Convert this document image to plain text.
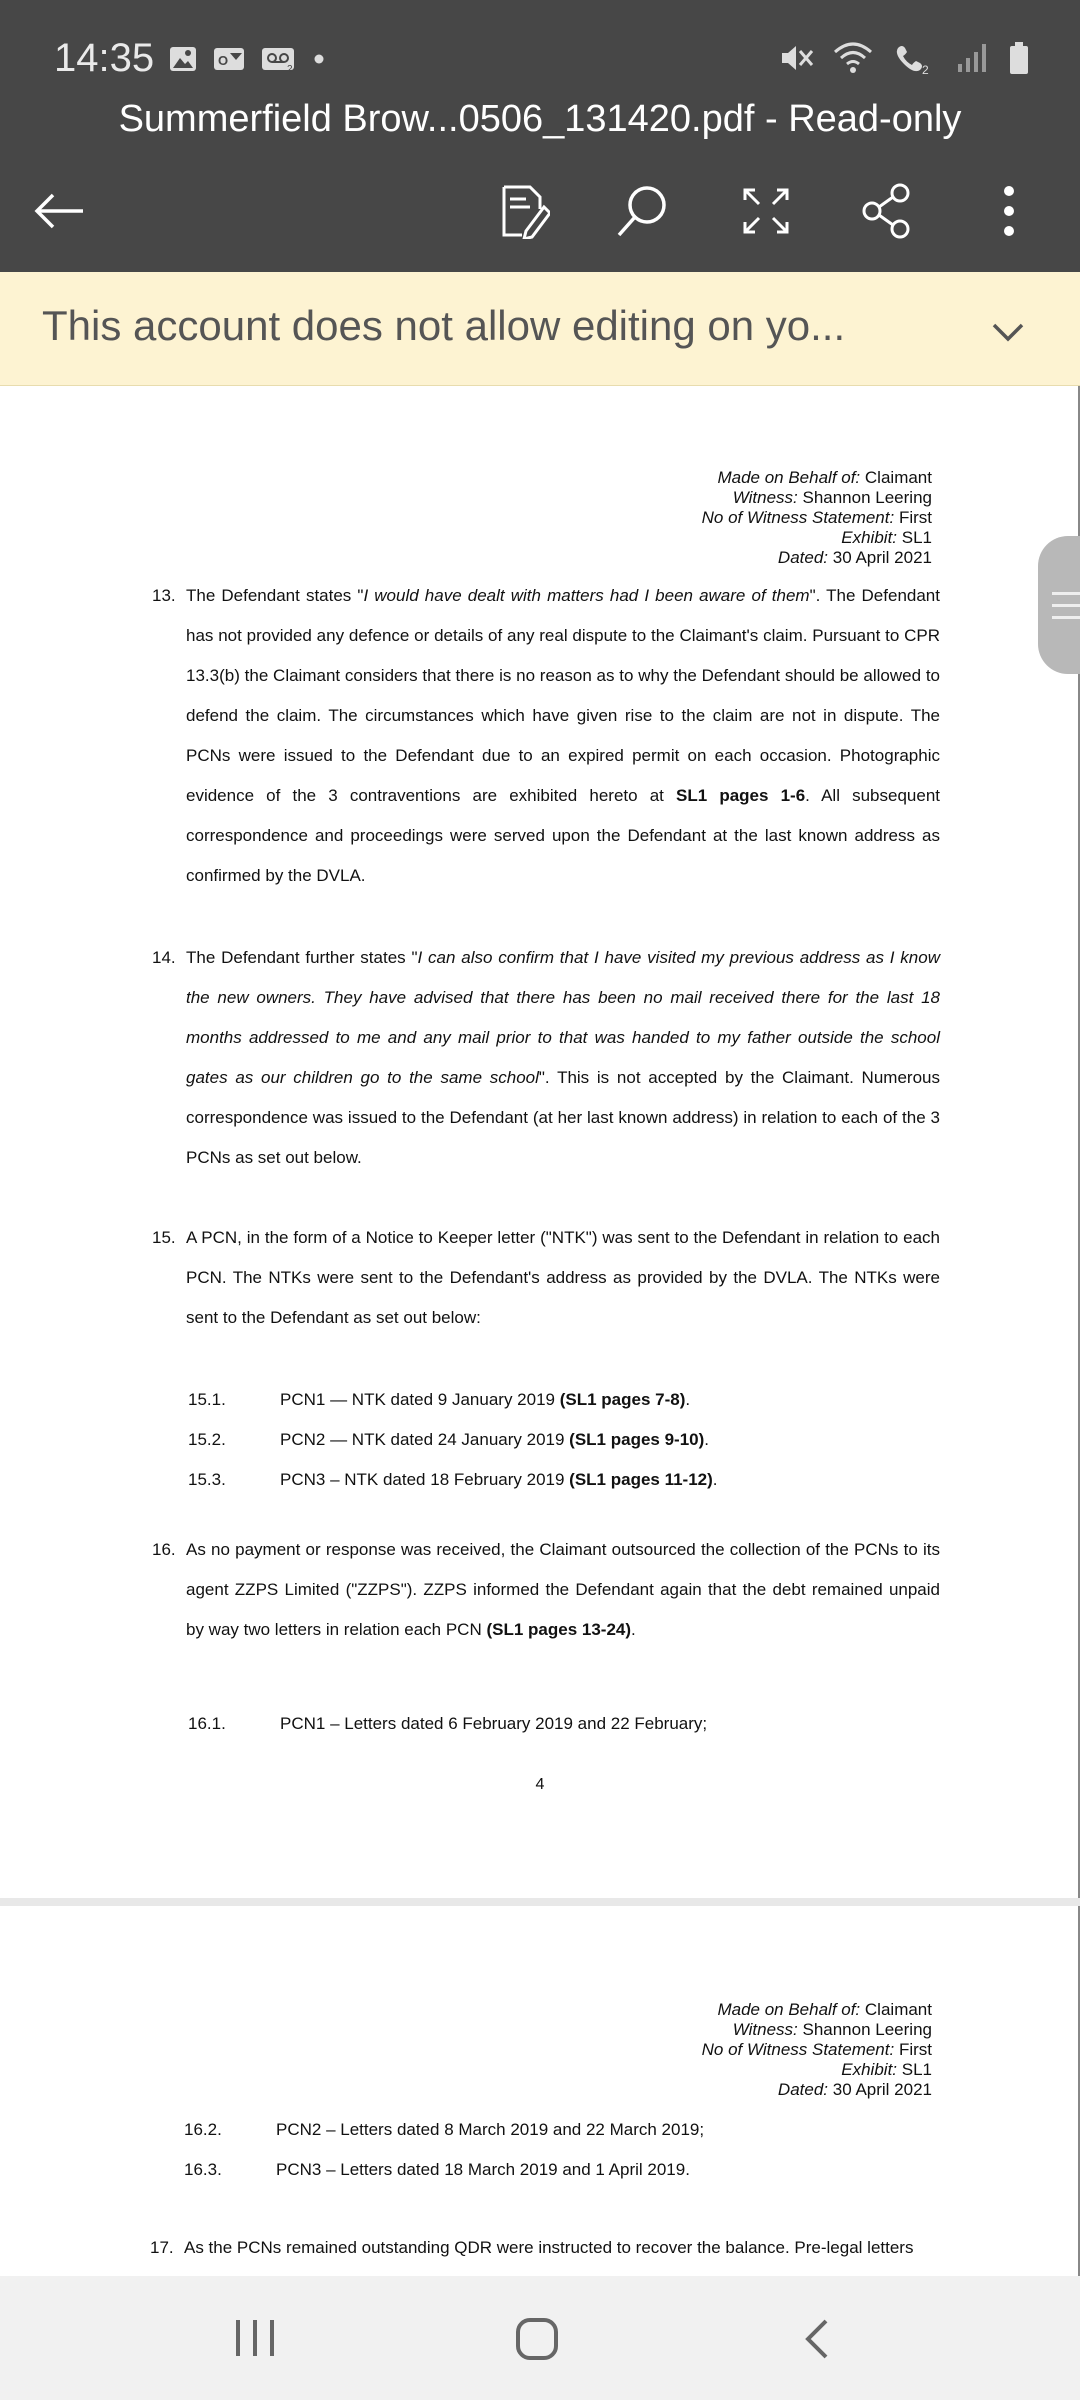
14:35	O
2	2
Summerfield Brow...0506_131420.pdf - Read-only
This account does not allow editing on yo...
Made on Behalf of: Claimant
Witness: Shannon Leering
No of Witness Statement: First
Exhibit: SL1
Dated: 30 April 2021
13. The Defendant states "I would have dealt with matters had I been aware of them". The Defendant has not provided any defence or details of any real dispute to the Claimant's claim. Pursuant to CPR 13.3(b) the Claimant considers that there is no reason as to why the Defendant should be allowed to defend the claim. The circumstances which have given rise to the claim are not in dispute. The PCNs were issued to the Defendant due to an expired permit on each occasion. Photographic evidence of the 3 contraventions are exhibited hereto at SL1 pages 1-6. All subsequent correspondence and proceedings were served upon the Defendant at the last known address as confirmed by the DVLA.
14. The Defendant further states "I can also confirm that I have visited my previous address as I know the new owners. They have advised that there has been no mail received there for the last 18 months addressed to me and any mail prior to that was handed to my father outside the school gates as our children go to the same school". This is not accepted by the Claimant. Numerous correspondence was issued to the Defendant (at her last known address) in relation to each of the 3 PCNs as set out below.
15. A PCN, in the form of a Notice to Keeper letter ("NTK") was sent to the Defendant in relation to each PCN. The NTKs were sent to the Defendant's address as provided by the DVLA. The NTKs were sent to the Defendant as set out below:
15.1.	PCN1 — NTK dated 9 January 2019 (SL1 pages 7-8).
15.2.	PCN2 — NTK dated 24 January 2019 (SL1 pages 9-10).
15.3.	PCN3 – NTK dated 18 February 2019 (SL1 pages 11-12).
16. As no payment or response was received, the Claimant outsourced the collection of the PCNs to its agent ZZPS Limited ("ZZPS"). ZZPS informed the Defendant again that the debt remained unpaid by way two letters in relation each PCN (SL1 pages 13-24).
16.1.	PCN1 – Letters dated 6 February 2019 and 22 February;
4
Made on Behalf of: Claimant
Witness: Shannon Leering
No of Witness Statement: First
Exhibit: SL1
Dated: 30 April 2021
16.2.	PCN2 – Letters dated 8 March 2019 and 22 March 2019;
16.3.	PCN3 – Letters dated 18 March 2019 and 1 April 2019.
17. As the PCNs remained outstanding QDR were instructed to recover the balance. Pre-legal letters
